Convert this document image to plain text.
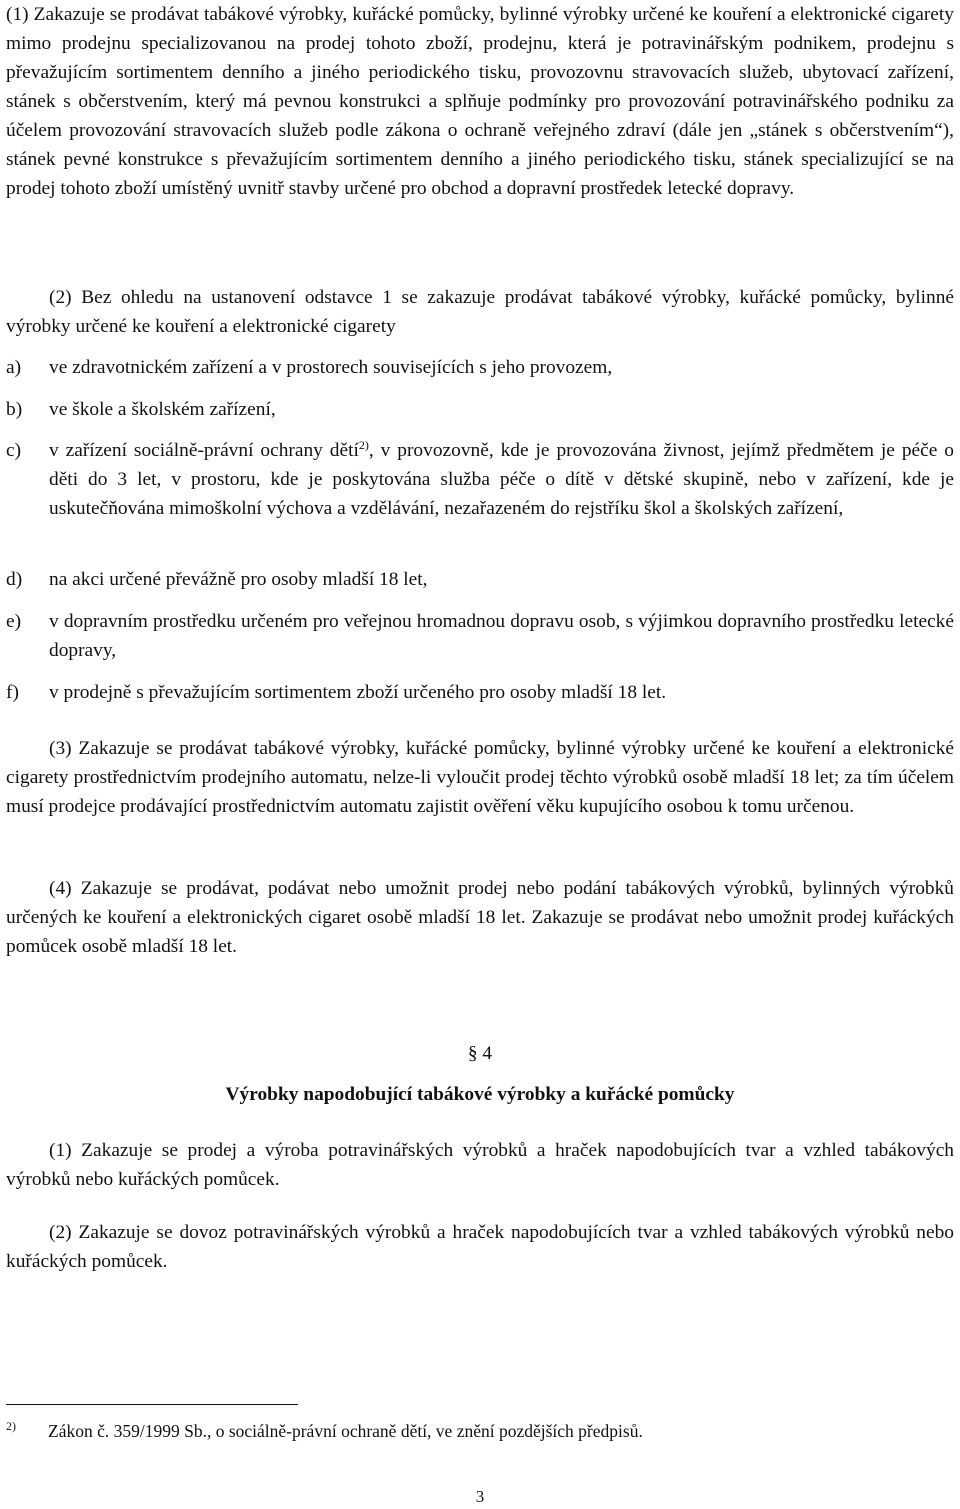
(1) Zakazuje se prodávat tabákové výrobky, kuřácké pomůcky, bylinné výrobky určené ke kouření a elektronické cigarety mimo prodejnu specializovanou na prodej tohoto zboží, prodejnu, která je potravinářským podnikem, prodejnu s převažujícím sortimentem denního a jiného periodického tisku, provozovnu stravovacích služeb, ubytovací zařízení, stánek s občerstvením, který má pevnou konstrukci a splňuje podmínky pro provozování potravinářského podniku za účelem provozování stravovacích služeb podle zákona o ochraně veřejného zdraví (dále jen „stánek s občerstvením“), stánek pevné konstrukce s převažujícím sortimentem denního a jiného periodického tisku, stánek specializující se na prodej tohoto zboží umístěný uvnitř stavby určené pro obchod a dopravní prostředek letecké dopravy.

(2) Bez ohledu na ustanovení odstavce 1 se zakazuje prodávat tabákové výrobky, kuřácké pomůcky, bylinné výrobky určené ke kouření a elektronické cigarety

a)	ve zdravotnickém zařízení a v prostorech souvisejících s jeho provozem,
b)	ve škole a školském zařízení,
c)	v zařízení sociálně-právní ochrany dětí$^{2)}$, v provozovně, kde je provozována živnost, jejímž předmětem je péče o děti do 3 let, v prostoru, kde je poskytována služba péče o dítě v dětské skupině, nebo v zařízení, kde je uskutečňována mimoškolní výchova a vzdělávání, nezařazeném do rejstříku škol a školských zařízení,
d)	na akci určené převážně pro osoby mladší 18 let,
e)	v dopravním prostředku určeném pro veřejnou hromadnou dopravu osob, s výjimkou dopravního prostředku letecké dopravy,
f)	v prodejně s převažujícím sortimentem zboží určeného pro osoby mladší 18 let.

(3) Zakazuje se prodávat tabákové výrobky, kuřácké pomůcky, bylinné výrobky určené ke kouření a elektronické cigarety prostřednictvím prodejního automatu, nelze-li vyloučit prodej těchto výrobků osobě mladší 18 let; za tím účelem musí prodejce prodávající prostřednictvím automatu zajistit ověření věku kupujícího osobou k tomu určenou.

(4) Zakazuje se prodávat, podávat nebo umožnit prodej nebo podání tabákových výrobků, bylinných výrobků určených ke kouření a elektronických cigaret osobě mladší 18 let. Zakazuje se prodávat nebo umožnit prodej kuřáckých pomůcek osobě mladší 18 let.

§ 4
Výrobky napodobující tabákové výrobky a kuřácké pomůcky

(1) Zakazuje se prodej a výroba potravinářských výrobků a hraček napodobujících tvar a vzhled tabákových výrobků nebo kuřáckých pomůcek.

(2) Zakazuje se dovoz potravinářských výrobků a hraček napodobujících tvar a vzhled tabákových výrobků nebo kuřáckých pomůcek.

2) Zákon č. 359/1999 Sb., o sociálně-právní ochraně dětí, ve znění pozdějších předpisů.
3
